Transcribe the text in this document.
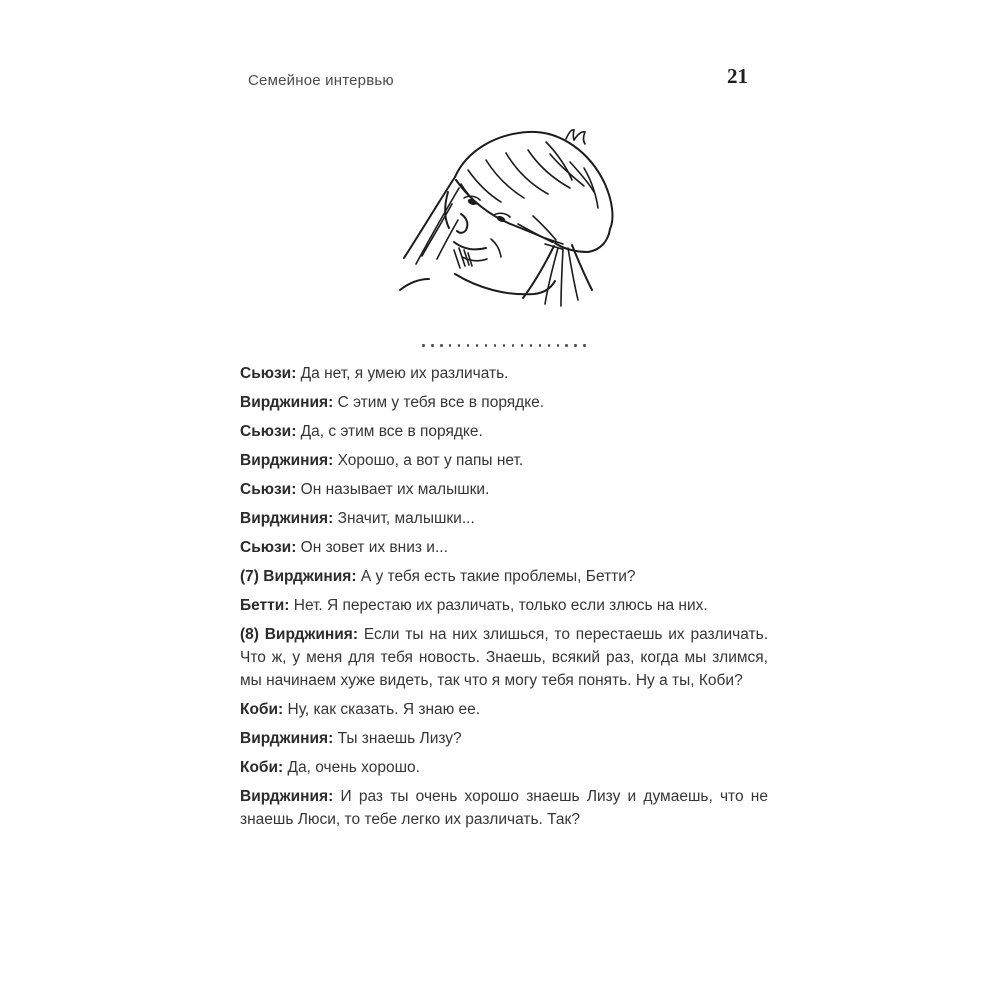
Семейное интервью	21

Сьюзи: Да нет, я умею их различать.

Вирджиния: С этим у тебя все в порядке.

Сьюзи: Да, с этим все в порядке.

Вирджиния: Хорошо, а вот у папы нет.

Сьюзи: Он называет их малышки.

Вирджиния: Значит, малышки...

Сьюзи: Он зовет их вниз и...

(7) Вирджиния: А у тебя есть такие проблемы, Бетти?

Бетти: Нет. Я перестаю их различать, только если злюсь на них.

(8) Вирджиния: Если ты на них злишься, то перестаешь их различать. Что ж, у меня для тебя новость. Знаешь, всякий раз, когда мы злимся, мы начинаем хуже видеть, так что я могу тебя понять. Ну а ты, Коби?

Коби: Ну, как сказать. Я знаю ее.

Вирджиния: Ты знаешь Лизу?

Коби: Да, очень хорошо.

Вирджиния: И раз ты очень хорошо знаешь Лизу и думаешь, что не знаешь Люси, то тебе легко их различать. Так?
